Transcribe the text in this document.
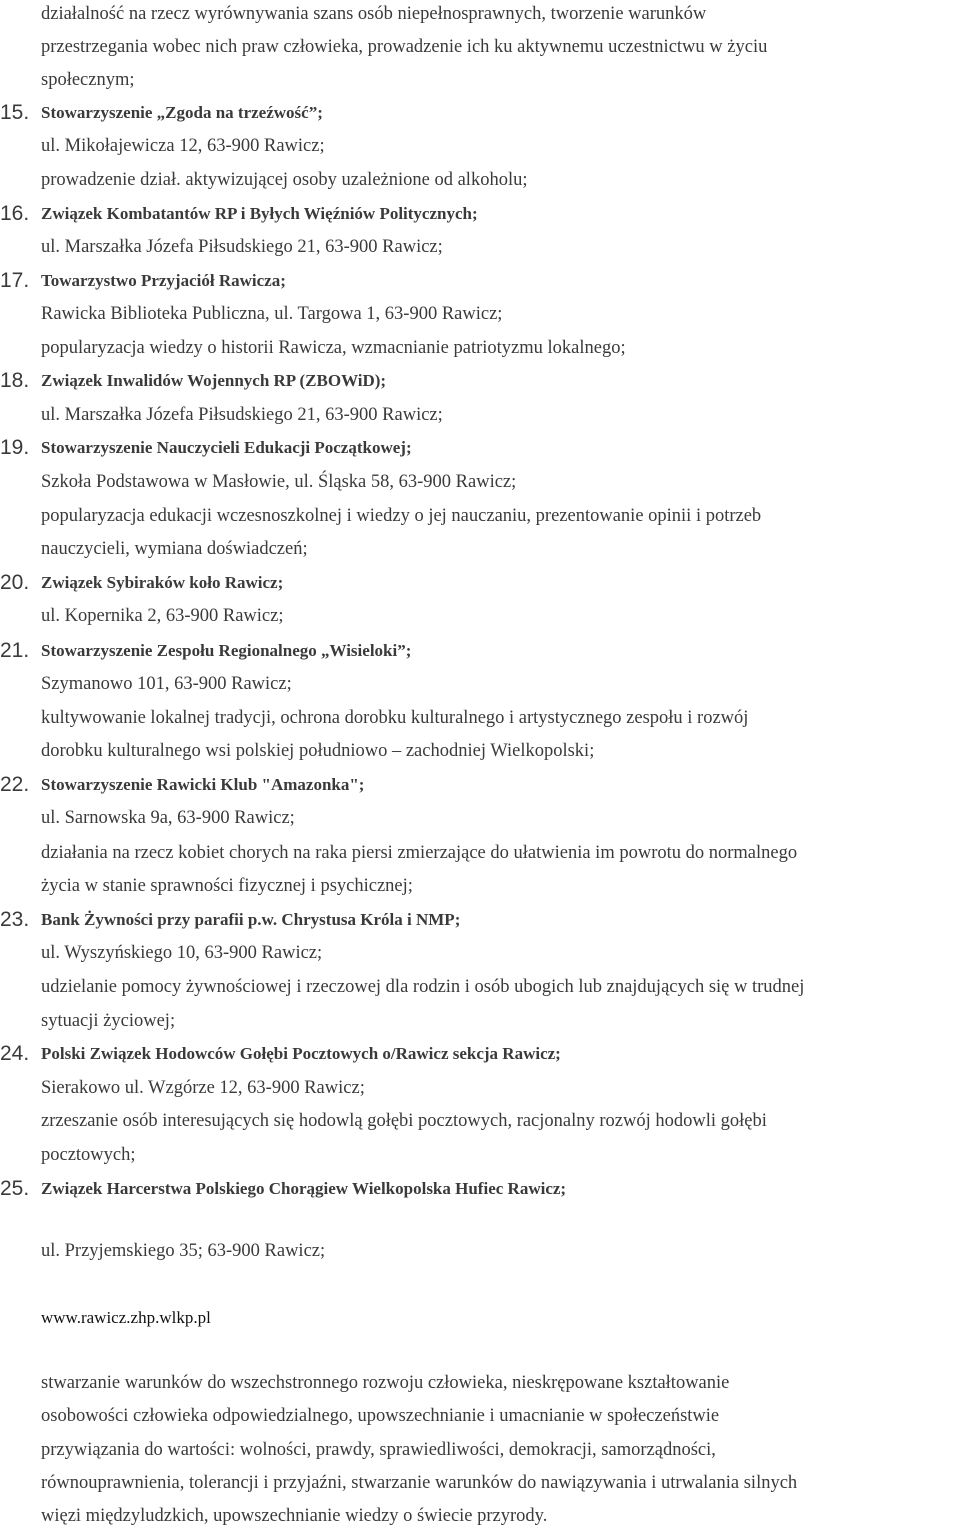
działalność na rzecz wyrównywania szans osób niepełnosprawnych, tworzenie warunków
przestrzegania wobec nich praw człowieka, prowadzenie ich ku aktywnemu uczestnictwu w życiu
społecznym;
15. Stowarzyszenie „Zgoda na trzeźwość”;
ul. Mikołajewicza 12, 63-900 Rawicz;
prowadzenie dział. aktywizującej osoby uzależnione od alkoholu;
16. Związek Kombatantów RP i Byłych Więźniów Politycznych;
ul. Marszałka Józefa Piłsudskiego 21, 63-900 Rawicz;
17. Towarzystwo Przyjaciół Rawicza;
Rawicka Biblioteka Publiczna, ul. Targowa 1, 63-900 Rawicz;
popularyzacja wiedzy o historii Rawicza, wzmacnianie patriotyzmu lokalnego;
18. Związek Inwalidów Wojennych RP (ZBOWiD);
ul. Marszałka Józefa Piłsudskiego 21, 63-900 Rawicz;
19. Stowarzyszenie Nauczycieli Edukacji Początkowej;
Szkoła Podstawowa w Masłowie, ul. Śląska 58, 63-900 Rawicz;
popularyzacja edukacji wczesnoszkolnej i wiedzy o jej nauczaniu, prezentowanie opinii i potrzeb
nauczycieli, wymiana doświadczeń;
20. Związek Sybiraków koło Rawicz;
ul. Kopernika 2, 63-900 Rawicz;
21. Stowarzyszenie Zespołu Regionalnego „Wisieloki”;
Szymanowo 101, 63-900 Rawicz;
kultywowanie lokalnej tradycji, ochrona dorobku kulturalnego i artystycznego zespołu i rozwój
dorobku kulturalnego wsi polskiej południowo – zachodniej Wielkopolski;
22. Stowarzyszenie Rawicki Klub "Amazonka";
ul. Sarnowska 9a, 63-900 Rawicz;
działania na rzecz kobiet chorych na raka piersi zmierzające do ułatwienia im powrotu do normalnego
życia w stanie sprawności fizycznej i psychicznej;
23. Bank Żywności przy parafii p.w. Chrystusa Króla i NMP;
ul. Wyszyńskiego 10, 63-900 Rawicz;
udzielanie pomocy żywnościowej i rzeczowej dla rodzin i osób ubogich lub znajdujących się w trudnej
sytuacji życiowej;
24. Polski Związek Hodowców Gołębi Pocztowych o/Rawicz sekcja Rawicz;
Sierakowo ul. Wzgórze 12, 63-900 Rawicz;
zrzeszanie osób interesujących się hodowlą gołębi pocztowych, racjonalny rozwój hodowli gołębi
pocztowych;
25. Związek Harcerstwa Polskiego Chorągiew Wielkopolska Hufiec Rawicz;
ul. Przyjemskiego 35; 63-900 Rawicz;
www.rawicz.zhp.wlkp.pl
stwarzanie warunków do wszechstronnego rozwoju człowieka, nieskrępowane kształtowanie
osobowości człowieka odpowiedzialnego, upowszechnianie i umacnianie w społeczeństwie
przywiązania do wartości: wolności, prawdy, sprawiedliwości, demokracji, samorządności,
równouprawnienia, tolerancji i przyjaźni, stwarzanie warunków do nawiązywania i utrwalania silnych
więzi międzyludzkich, upowszechnianie wiedzy o świecie przyrody.
